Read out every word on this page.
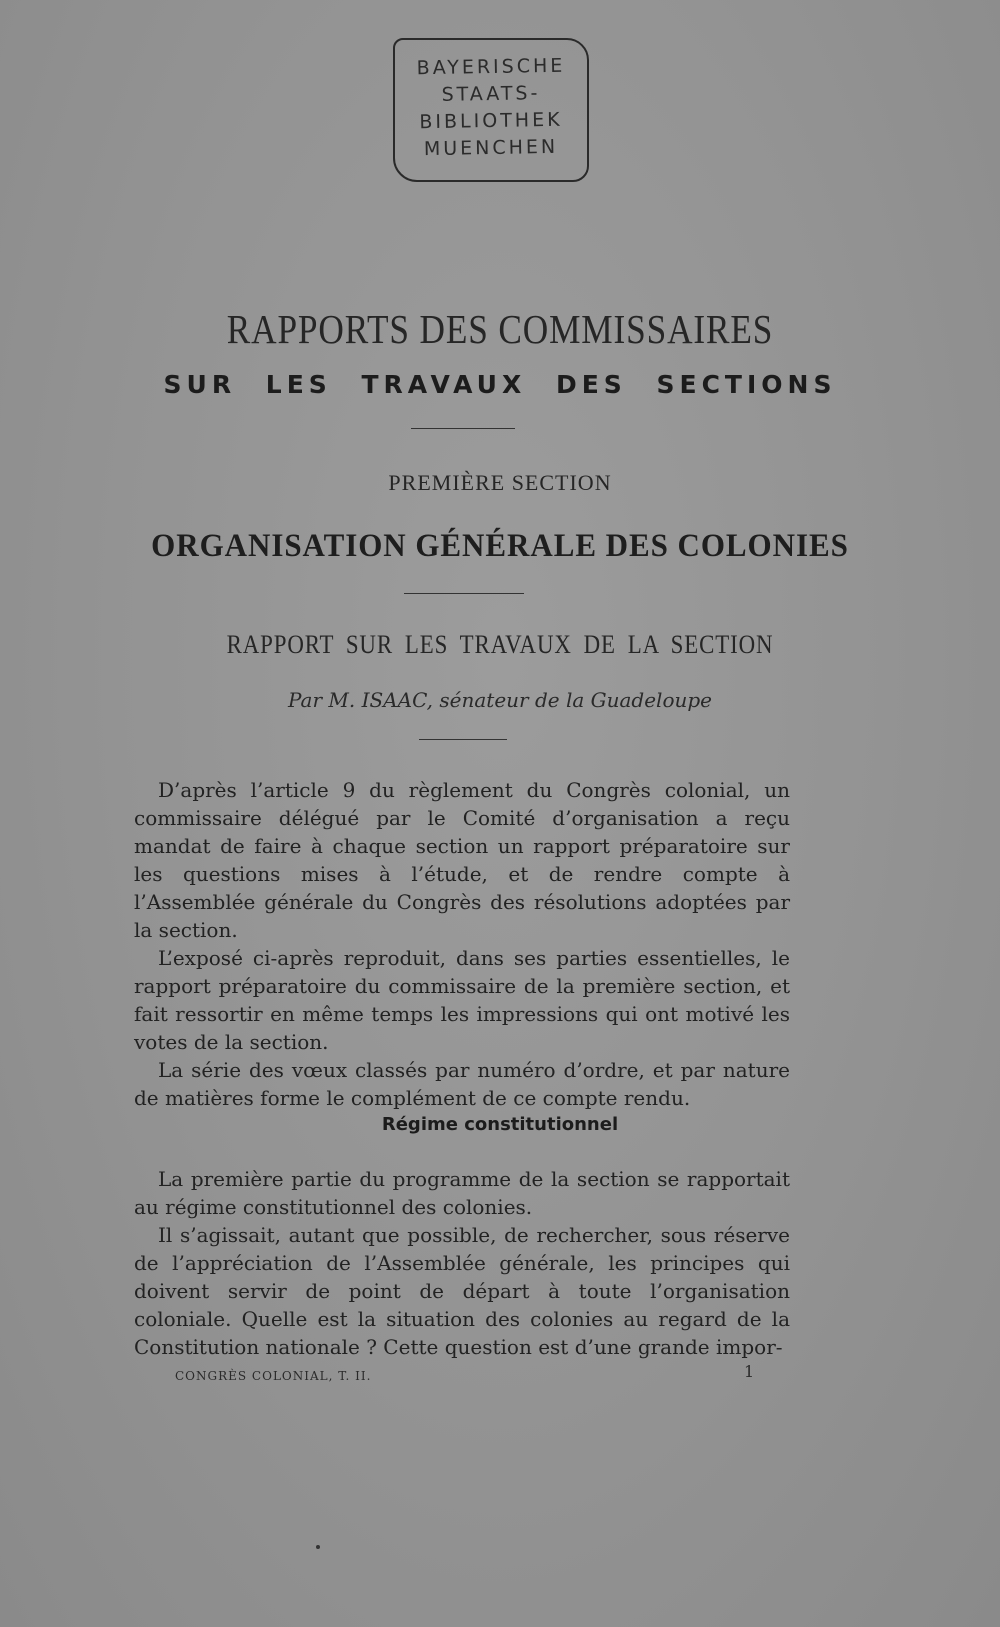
BAYERISCHE
STAATS-
BIBLIOTHEK
MUENCHEN
RAPPORTS DES COMMISSAIRES
SUR LES TRAVAUX DES SECTIONS
PREMIÈRE SECTION
ORGANISATION GÉNÉRALE DES COLONIES
RAPPORT SUR LES TRAVAUX DE LA SECTION
Par M. ISAAC, sénateur de la Guadeloupe

D’après l’article 9 du règlement du Congrès colonial, un commissaire délégué par le Comité d’organisation a reçu mandat de faire à chaque section un rapport préparatoire sur les questions mises à l’étude, et de rendre compte à l’Assemblée générale du Congrès des résolutions adoptées par la section.

L’exposé ci-après reproduit, dans ses parties essentielles, le rapport préparatoire du commissaire de la première section, et fait ressortir en même temps les impressions qui ont motivé les votes de la section.

La série des vœux classés par numéro d’ordre, et par nature de matières forme le complément de ce compte rendu.

Régime constitutionnel

La première partie du programme de la section se rapportait au régime constitutionnel des colonies.

Il s’agissait, autant que possible, de rechercher, sous réserve de l’appréciation de l’Assemblée générale, les principes qui doivent servir de point de départ à toute l’organisation coloniale. Quelle est la situation des colonies au regard de la Constitution nationale ? Cette question est d’une grande impor-

CONGRÈS COLONIAL, T. II.	1
